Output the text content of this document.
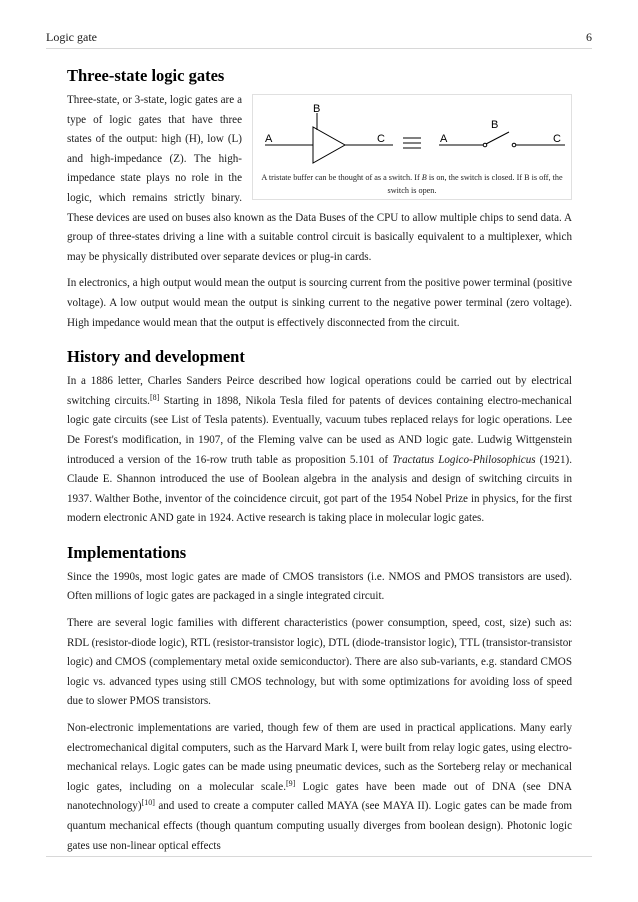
Logic gate	6
Three-state logic gates
B
A	C	A
B
C
A tristate buffer can be thought of as a switch. If B is on, the switch is closed. If B is off, the switch is open.

Three-state, or 3-state, logic gates are a type of logic gates that have three states of the output: high (H), low (L) and high-impedance (Z). The high-impedance state plays no role in the logic, which remains strictly binary. These devices are used on buses also known as the Data Buses of the CPU to allow multiple chips to send data. A group of three-states driving a line with a suitable control circuit is basically equivalent to a multiplexer, which may be physically distributed over separate devices or plug-in cards.

In electronics, a high output would mean the output is sourcing current from the positive power terminal (positive voltage). A low output would mean the output is sinking current to the negative power terminal (zero voltage). High impedance would mean that the output is effectively disconnected from the circuit.

History and development

In a 1886 letter, Charles Sanders Peirce described how logical operations could be carried out by electrical switching circuits.[8] Starting in 1898, Nikola Tesla filed for patents of devices containing electro-mechanical logic gate circuits (see List of Tesla patents). Eventually, vacuum tubes replaced relays for logic operations. Lee De Forest's modification, in 1907, of the Fleming valve can be used as AND logic gate. Ludwig Wittgenstein introduced a version of the 16-row truth table as proposition 5.101 of Tractatus Logico-Philosophicus (1921). Claude E. Shannon introduced the use of Boolean algebra in the analysis and design of switching circuits in 1937. Walther Bothe, inventor of the coincidence circuit, got part of the 1954 Nobel Prize in physics, for the first modern electronic AND gate in 1924. Active research is taking place in molecular logic gates.

Implementations

Since the 1990s, most logic gates are made of CMOS transistors (i.e. NMOS and PMOS transistors are used). Often millions of logic gates are packaged in a single integrated circuit.

There are several logic families with different characteristics (power consumption, speed, cost, size) such as: RDL (resistor-diode logic), RTL (resistor-transistor logic), DTL (diode-transistor logic), TTL (transistor-transistor logic) and CMOS (complementary metal oxide semiconductor). There are also sub-variants, e.g. standard CMOS logic vs. advanced types using still CMOS technology, but with some optimizations for avoiding loss of speed due to slower PMOS transistors.

Non-electronic implementations are varied, though few of them are used in practical applications. Many early electromechanical digital computers, such as the Harvard Mark I, were built from relay logic gates, using electro-mechanical relays. Logic gates can be made using pneumatic devices, such as the Sorteberg relay or mechanical logic gates, including on a molecular scale.[9] Logic gates have been made out of DNA (see DNA nanotechnology)[10] and used to create a computer called MAYA (see MAYA II). Logic gates can be made from quantum mechanical effects (though quantum computing usually diverges from boolean design). Photonic logic gates use non-linear optical effects
